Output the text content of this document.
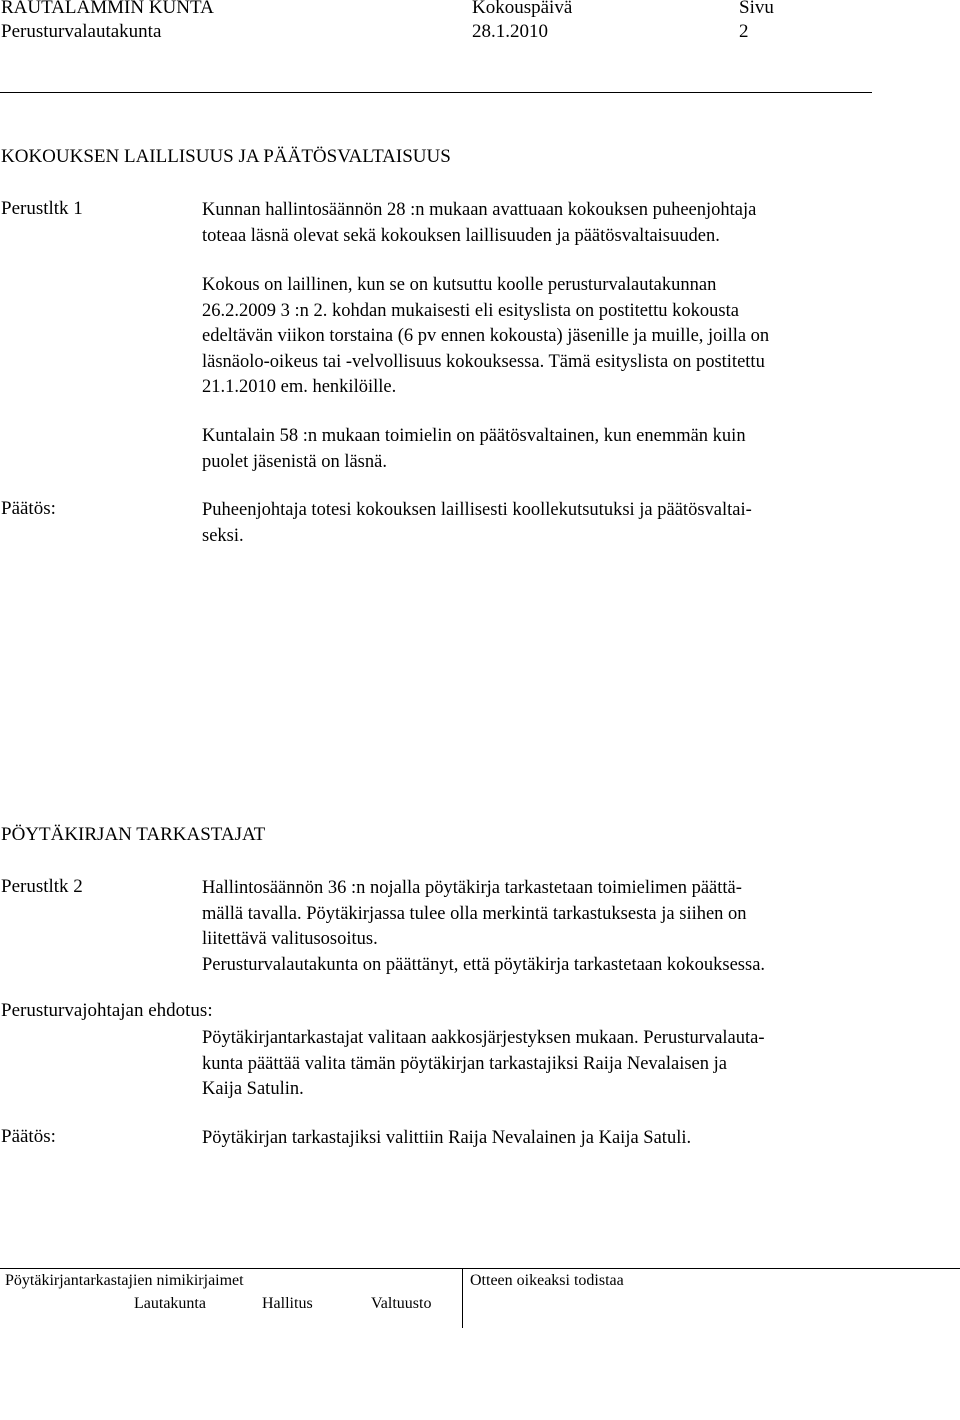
RAUTALAMMIN KUNTA	Kokouspäivä	Sivu
Perusturvalautakunta	28.1.2010	2
KOKOUKSEN LAILLISUUS JA PÄÄTÖSVALTAISUUS
Perustltk 1	Kunnan hallintosäännön 28 :n mukaan avattuaan kokouksen puheenjohtaja
toteaa läsnä olevat sekä kokouksen laillisuuden ja päätösvaltaisuuden.
Kokous on laillinen, kun se on kutsuttu koolle perusturvalautakunnan
26.2.2009 3 :n 2. kohdan mukaisesti eli esityslista on postitettu kokousta
edeltävän viikon torstaina (6 pv ennen kokousta) jäsenille ja muille, joilla on
läsnäolo-oikeus tai -velvollisuus kokouksessa. Tämä esityslista on postitettu
21.1.2010 em. henkilöille.
Kuntalain 58 :n mukaan toimielin on päätösvaltainen, kun enemmän kuin
puolet jäsenistä on läsnä.
Päätös:	Puheenjohtaja totesi kokouksen laillisesti koollekutsutuksi ja päätösvaltai-
seksi.
PÖYTÄKIRJAN TARKASTAJAT
Perustltk 2	Hallintosäännön 36 :n nojalla pöytäkirja tarkastetaan toimielimen päättä-
mällä tavalla. Pöytäkirjassa tulee olla merkintä tarkastuksesta ja siihen on
liitettävä valitusosoitus.
Perusturvalautakunta on päättänyt, että pöytäkirja tarkastetaan kokouksessa.
Perusturvajohtajan ehdotus:
Pöytäkirjantarkastajat valitaan aakkosjärjestyksen mukaan. Perusturvalauta-
kunta päättää valita tämän pöytäkirjan tarkastajiksi Raija Nevalaisen ja
Kaija Satulin.
Päätös:	Pöytäkirjan tarkastajiksi valittiin Raija Nevalainen ja Kaija Satuli.
Pöytäkirjantarkastajien nimikirjaimet	Otteen oikeaksi todistaa
Lautakunta	Hallitus	Valtuusto
